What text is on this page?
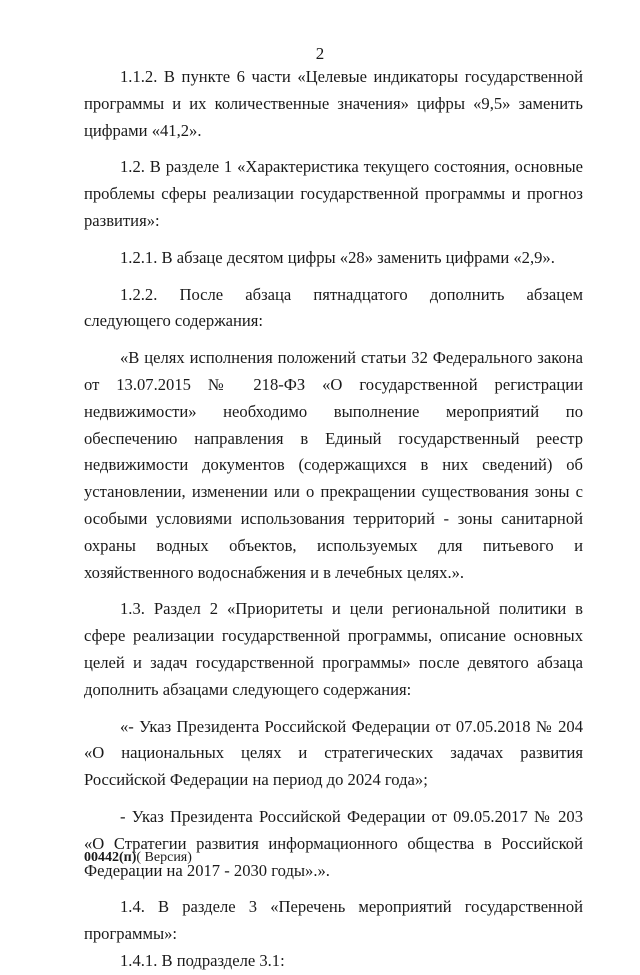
2

1.1.2. В пункте 6 части «Целевые индикаторы государственной программы и их количественные значения» цифры «9,5» заменить цифрами «41,2».

1.2. В разделе 1 «Характеристика текущего состояния, основные проблемы сферы реализации государственной программы и прогноз развития»:

1.2.1. В абзаце десятом цифры «28» заменить цифрами «2,9».

1.2.2. После абзаца пятнадцатого дополнить абзацем следующего содержания:

«В целях исполнения положений статьи 32 Федерального закона от 13.07.2015 № 218-ФЗ «О государственной регистрации недвижимости» необходимо выполнение мероприятий по обеспечению направления в Единый государственный реестр недвижимости документов (содержащихся в них сведений) об установлении, изменении или о прекращении существования зоны с особыми условиями использования территорий - зоны санитарной охраны водных объектов, используемых для питьевого и хозяйственного водоснабжения и в лечебных целях.».

1.3. Раздел 2 «Приоритеты и цели региональной политики в сфере реализации государственной программы, описание основных целей и задач государственной программы» после девятого абзаца дополнить абзацами следующего содержания:

«- Указ Президента Российской Федерации от 07.05.2018 № 204 «О национальных целях и стратегических задачах развития Российской Федерации на период до 2024 года»;

- Указ Президента Российской Федерации от 09.05.2017 № 203 «О Стратегии развития информационного общества в Российской Федерации на 2017 - 2030 годы».».

1.4. В разделе 3 «Перечень мероприятий государственной программы»:

1.4.1. В подразделе 3.1:

00442(п)( Версия)
